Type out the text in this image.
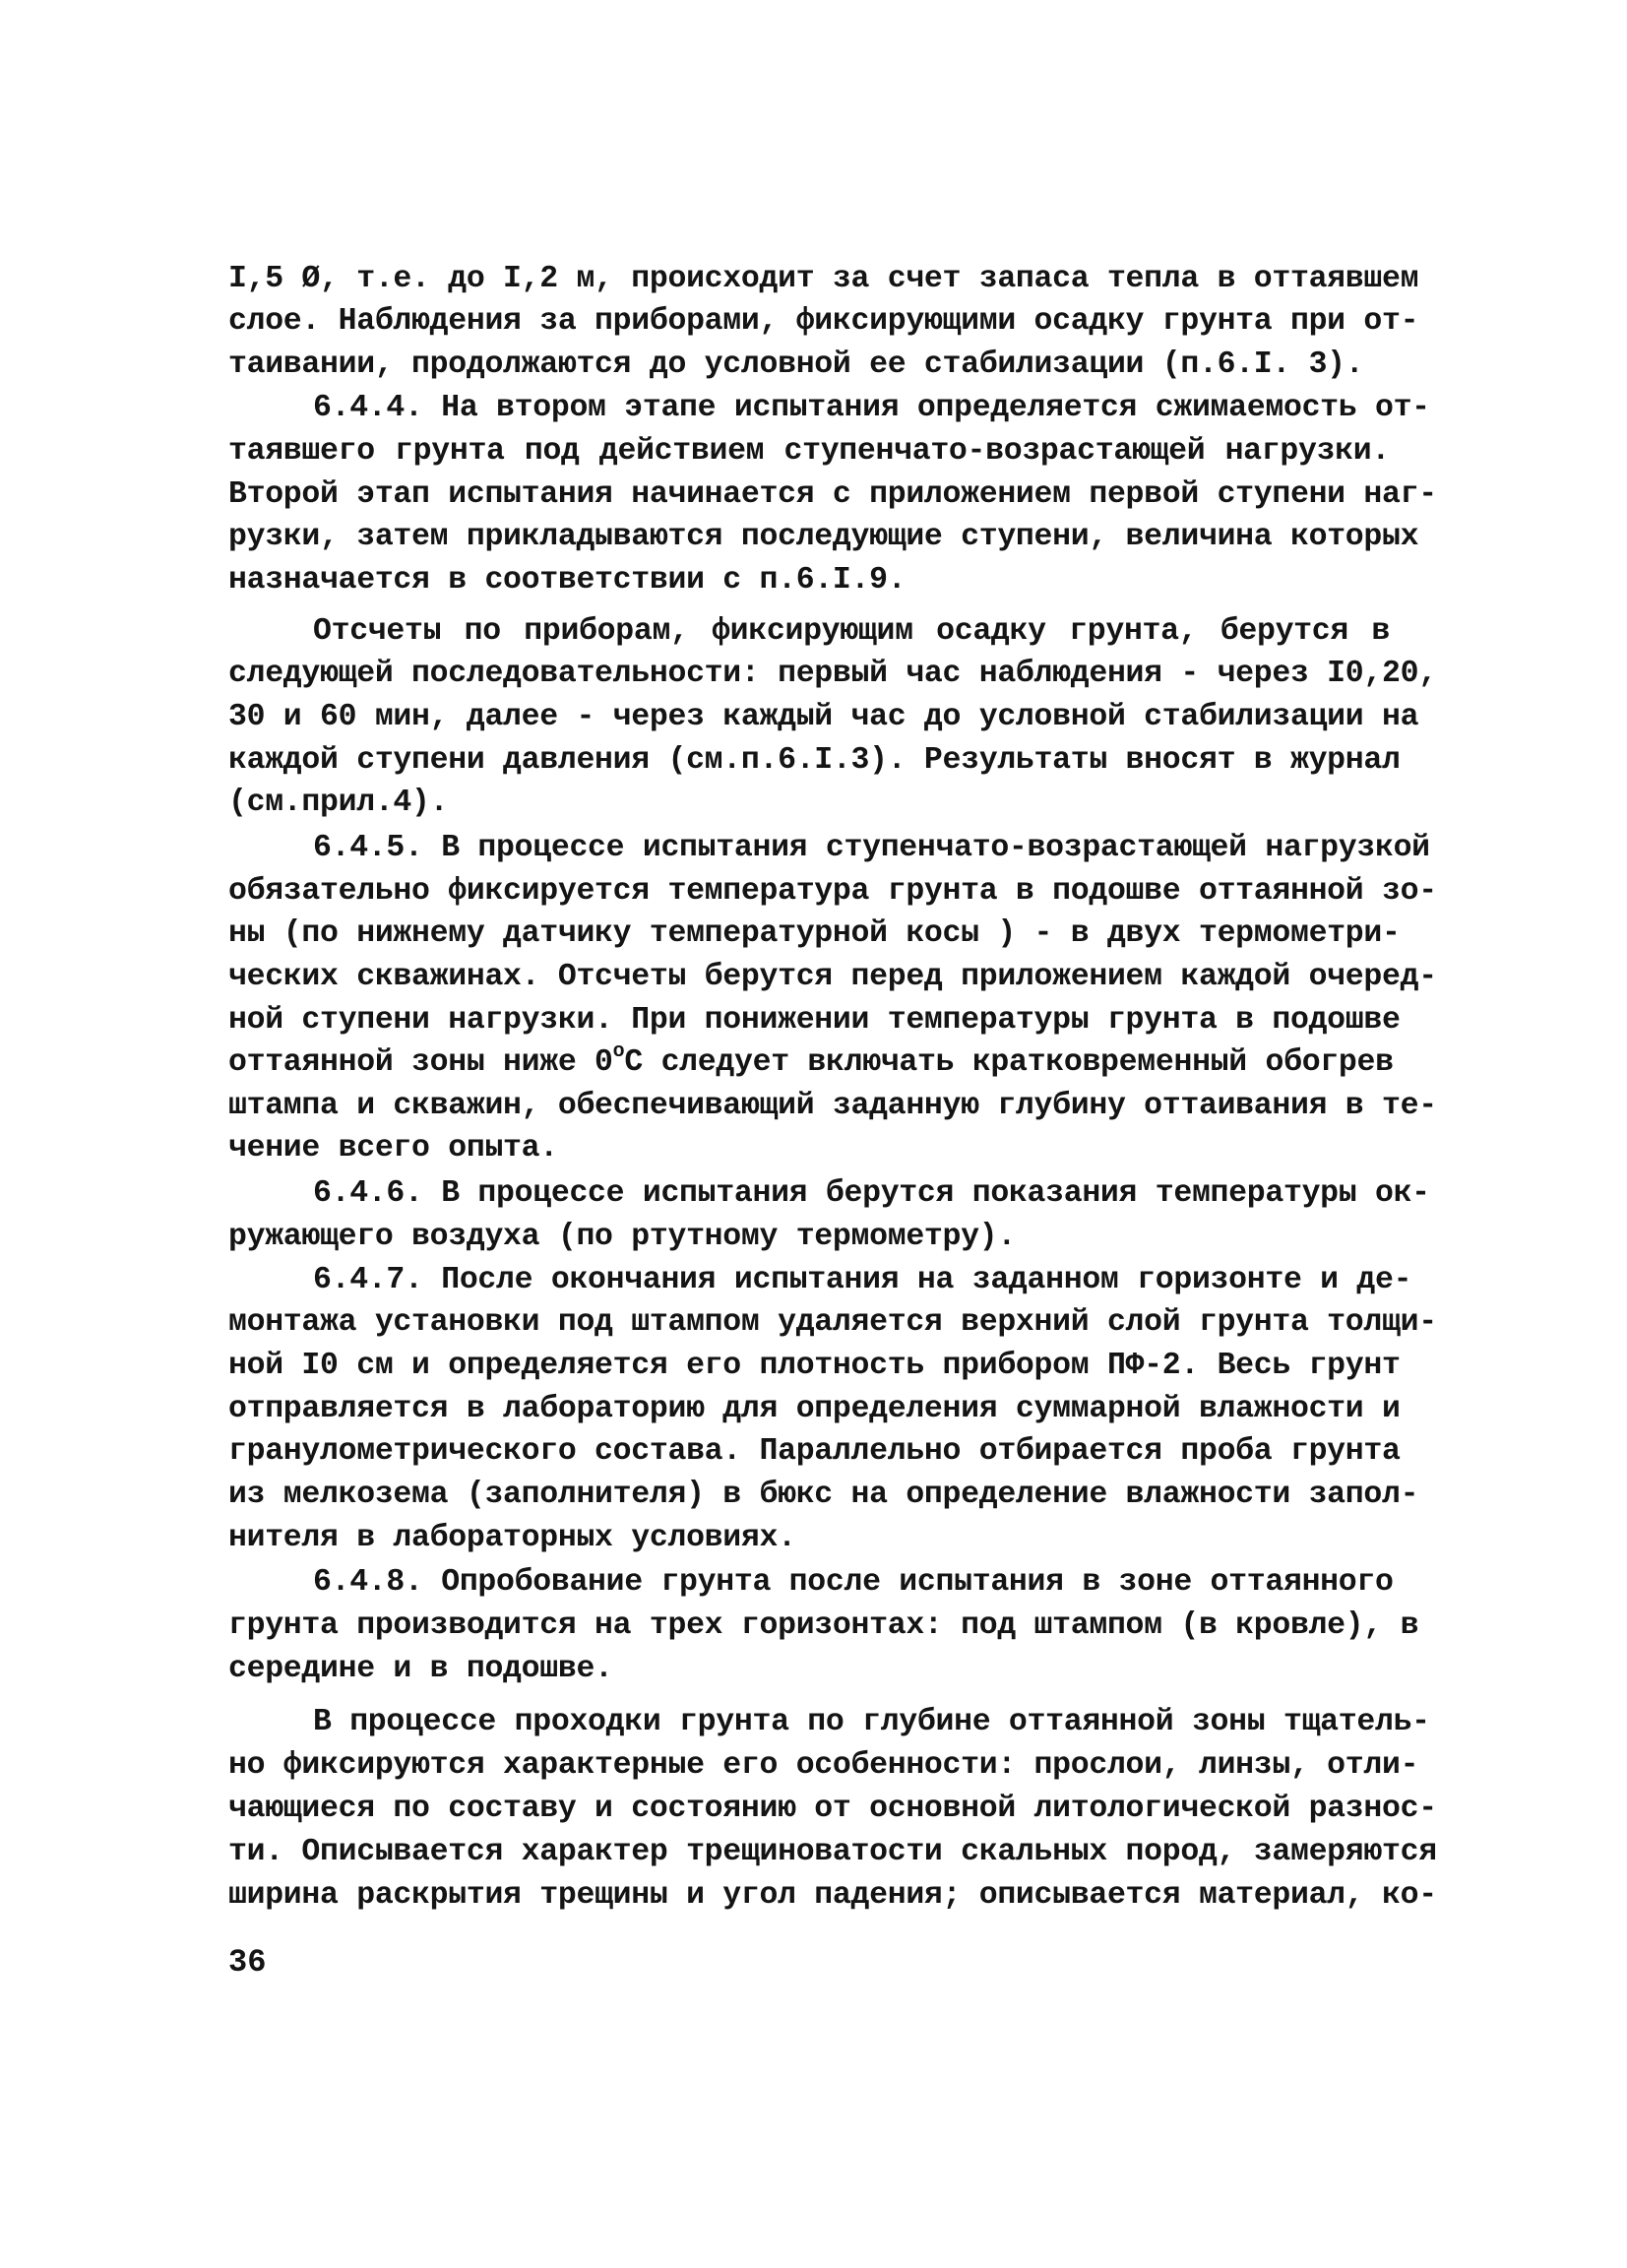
I,5 Ø, т.е. до I,2 м, происходит за счет запаса тепла в оттаявшем
слое. Наблюдения за приборами, фиксирующими осадку грунта при от-
таивании, продолжаются до условной ее стабилизации (п.6.I. 3).
6.4.4. На втором этапе испытания определяется сжимаемость от-
таявшего грунта под действием ступенчато-возрастающей нагрузки.
Второй этап испытания начинается с приложением первой ступени наг-
рузки, затем прикладываются последующие ступени, величина которых
назначается в соответствии с п.6.I.9.
Отсчеты по приборам, фиксирующим осадку грунта, берутся в
следующей последовательности: первый час наблюдения - через I0,20,
30 и 60 мин, далее - через каждый час до условной стабилизации на
каждой ступени давления (см.п.6.I.3). Результаты вносят в журнал
(см.прил.4).
6.4.5. В процессе испытания ступенчато-возрастающей нагрузкой
обязательно фиксируется температура грунта в подошве оттаянной зо-
ны (по нижнему датчику температурной косы ) - в двух термометри-
ческих скважинах. Отсчеты берутся перед приложением каждой очеред-
ной ступени нагрузки. При понижении температуры грунта в подошве
оттаянной зоны ниже $0^оС$ следует включать кратковременный обогрев
штампа и скважин, обеспечивающий заданную глубину оттаивания в те-
чение всего опыта.
6.4.6. В процессе испытания берутся показания температуры ок-
ружающего воздуха (по ртутному термометру).
6.4.7. После окончания испытания на заданном горизонте и де-
монтажа установки под штампом удаляется верхний слой грунта толщи-
ной I0 см и определяется его плотность прибором ПФ-2. Весь грунт
отправляется в лабораторию для определения суммарной влажности и
гранулометрического состава. Параллельно отбирается проба грунта
из мелкозема (заполнителя) в бюкс на определение влажности запол-
нителя в лабораторных условиях.
6.4.8. Опробование грунта после испытания в зоне оттаянного
грунта производится на трех горизонтах: под штампом (в кровле), в
середине и в подошве.
В процессе проходки грунта по глубине оттаянной зоны тщатель-
но фиксируются характерные его особенности: прослои, линзы, отли-
чающиеся по составу и состоянию от основной литологической разнос-
ти. Описывается характер трещиноватости скальных пород, замеряются
ширина раскрытия трещины и угол падения; описывается материал, ко-
36
